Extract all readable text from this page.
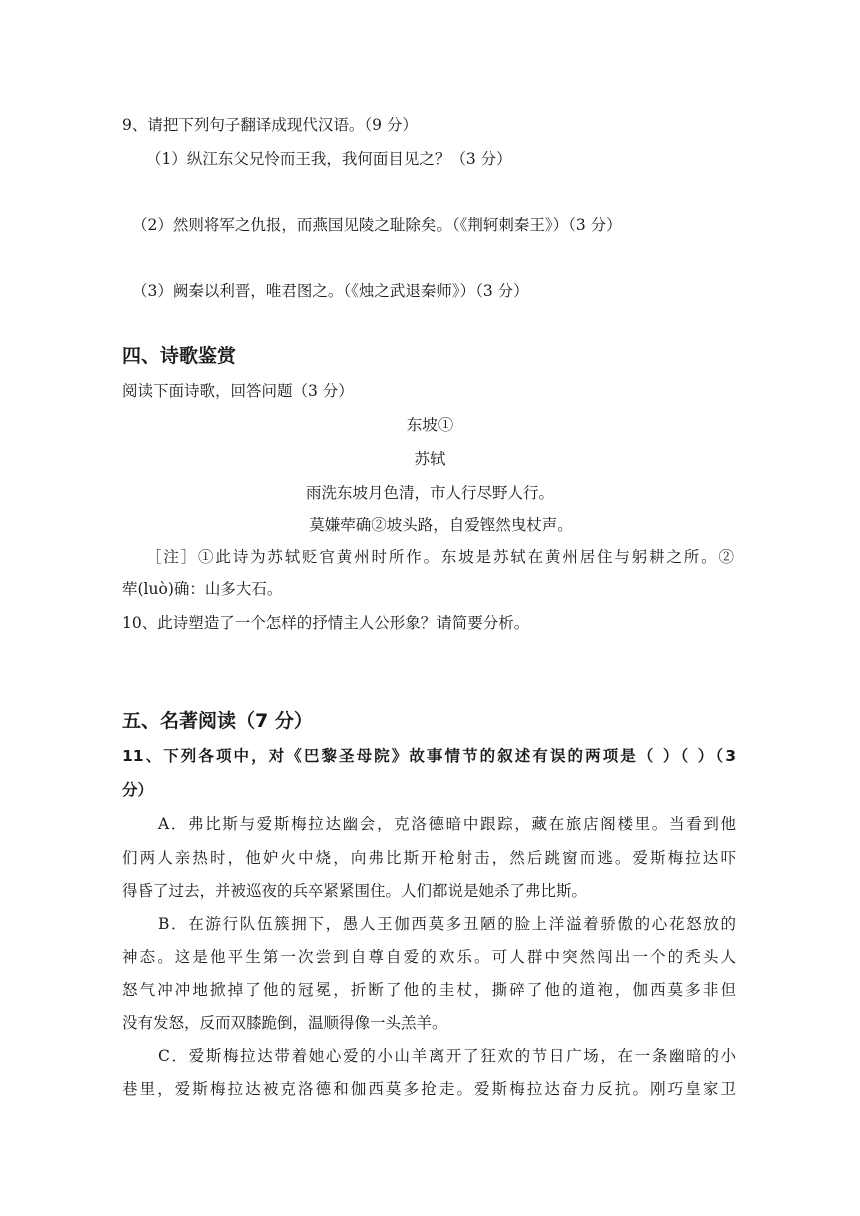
9、请把下列句子翻译成现代汉语。（9 分）
（1）纵江东父兄怜而王我，我何面目见之？（3 分）
（2）然则将军之仇报，而燕国见陵之耻除矣。（《荆轲刺秦王》）（3 分）
（3）阙秦以利晋，唯君图之。（《烛之武退秦师》）（3 分）
四、诗歌鉴赏
阅读下面诗歌，回答问题（3 分）
东坡①
苏轼
雨洗东坡月色清，市人行尽野人行。
莫嫌荦确②坡头路，自爱铿然曳杖声。
［注］①此诗为苏轼贬官黄州时所作。东坡是苏轼在黄州居住与躬耕之所。②
荦(luò)确：山多大石。
10、此诗塑造了一个怎样的抒情主人公形象？请简要分析。
五、名著阅读（7 分）
11、下列各项中，对《巴黎圣母院》故事情节的叙述有误的两项是（ ）（ ）（3
分）
A．弗比斯与爱斯梅拉达幽会，克洛德暗中跟踪，藏在旅店阁楼里。当看到他
们两人亲热时，他妒火中烧，向弗比斯开枪射击，然后跳窗而逃。爱斯梅拉达吓
得昏了过去，并被巡夜的兵卒紧紧围住。人们都说是她杀了弗比斯。
B．在游行队伍簇拥下，愚人王伽西莫多丑陋的脸上洋溢着骄傲的心花怒放的
神态。这是他平生第一次尝到自尊自爱的欢乐。可人群中突然闯出一个的秃头人
怒气冲冲地掀掉了他的冠冕，折断了他的圭杖，撕碎了他的道袍，伽西莫多非但
没有发怒，反而双膝跪倒，温顺得像一头羔羊。
C．爱斯梅拉达带着她心爱的小山羊离开了狂欢的节日广场，在一条幽暗的小
巷里，爱斯梅拉达被克洛德和伽西莫多抢走。爱斯梅拉达奋力反抗。刚巧皇家卫
